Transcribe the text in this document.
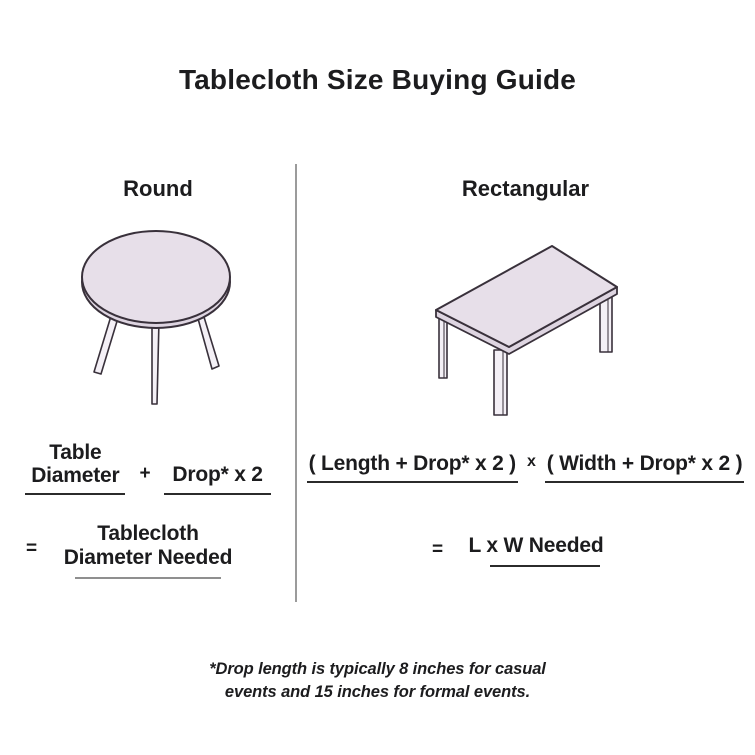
Tablecloth Size Buying Guide
Round	Rectangular
Table
Diameter +	Drop* x 2
=
Tablecloth
Diameter Needed
( Length + Drop* x 2 ) x ( Width + Drop* x 2 )
=	L x W Needed
*Drop length is typically 8 inches for casual
events and 15 inches for formal events.
